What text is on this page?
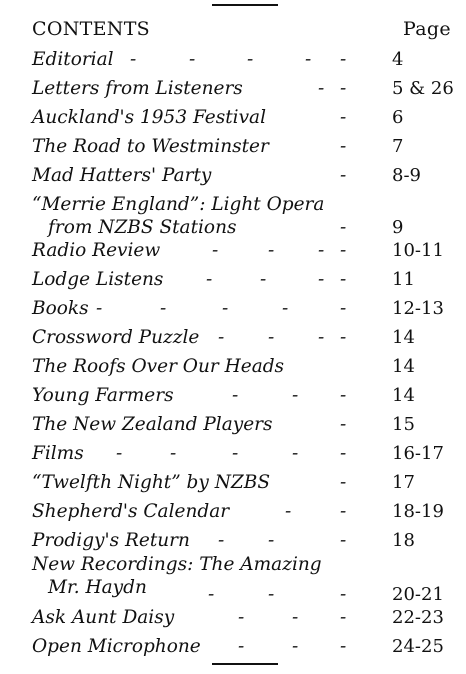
CONTENTS	Page
Editorial -	-	-	- -	4
Letters from Listeners	- -	5 & 26
Auckland's 1953 Festival	-	6
The Road to Westminster	-	7
Mad Hatters' Party	-	8-9
“Merrie England”: Light Opera
from NZBS Stations	-	9
Radio Review	-	- - -	10-11
Lodge Listens -	-	- -	11
Books -	-	-	-	-	12-13
Crossword Puzzle - - - -	14
The Roofs Over Our Heads	14
Young Farmers	-	- -	14
The New Zealand Players	-	15
Films -	-	-	- -	16-17
“Twelfth Night” by NZBS	-	17
Shepherd's Calendar	-	-	18-19
Prodigy's Return - -	-	18
New Recordings: The Amazing
Mr. Haydn	-	-	-	20-21
Ask Aunt Daisy	-	- -	22-23
Open Microphone -	- -	24-25
